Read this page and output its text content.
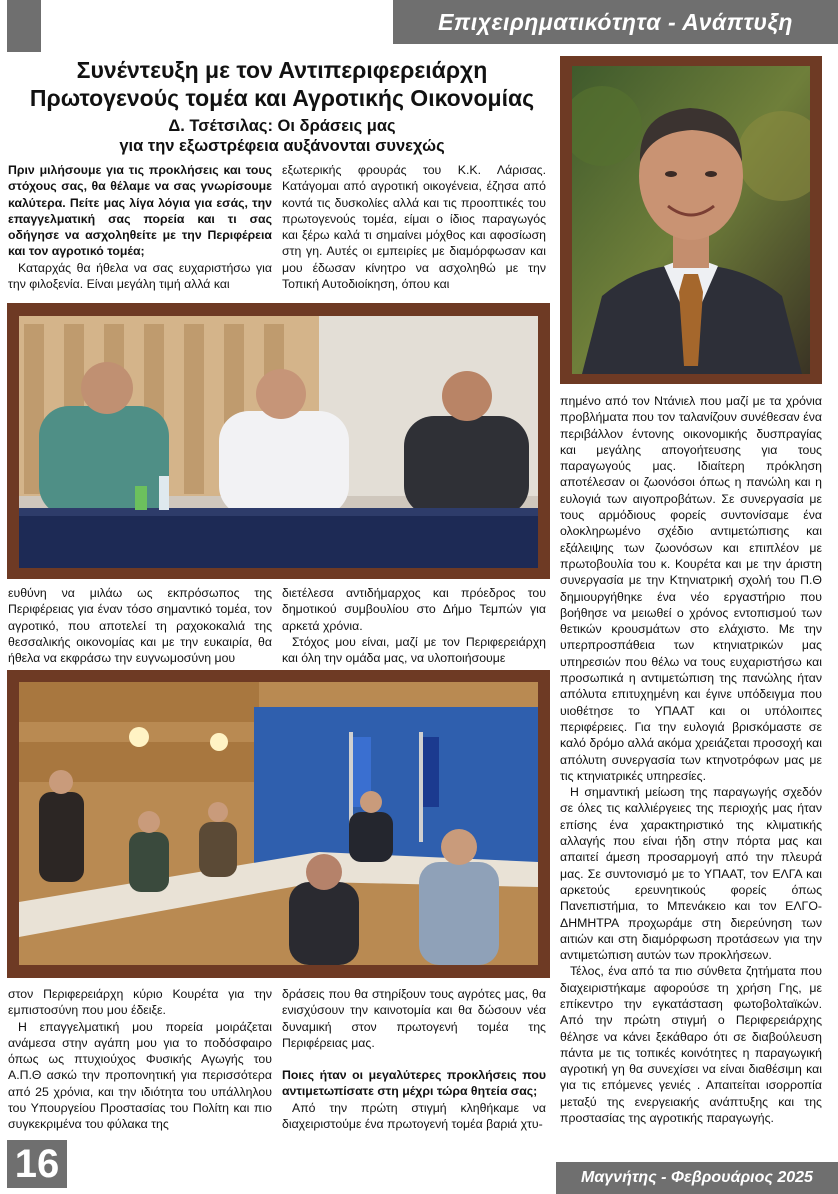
Επιχειρηματικότητα - Ανάπτυξη
Συνέντευξη με τον Αντιπεριφερειάρχη
Πρωτογενούς τομέα και Αγροτικής Οικονομίας
Δ. Τσέτσιλας: Οι δράσεις μας
για την εξωστρέφεια αυξάνονται συνεχώς

Πριν μιλήσουμε για τις προκλήσεις και τους στόχους σας, θα θέλαμε να σας γνωρίσουμε καλύτερα. Πείτε μας λίγα λόγια για εσάς, την επαγγελματική σας πορεία και τι σας οδήγησε να ασχοληθείτε με την Περιφέρεια και τον αγροτικό τομέα;

Καταρχάς θα ήθελα να σας ευχαριστήσω για την φιλοξενία. Είναι μεγάλη τιμή αλλά και

εξωτερικής φρουράς του Κ.Κ. Λάρισας. Κατάγομαι από αγροτική οικογένεια, έζησα από κοντά τις δυσκολίες αλλά και τις προοπτικές του πρωτογενούς τομέα, είμαι ο ίδιος παραγωγός και ξέρω καλά τι σημαίνει μόχθος και αφοσίωση στη γη. Αυτές οι εμπειρίες με διαμόρφωσαν και μου έδωσαν κίνητρο να ασχοληθώ με την Τοπική Αυτοδιοίκηση, όπου και

ευθύνη να μιλάω ως εκπρόσωπος της Περιφέρειας για έναν τόσο σημαντικό τομέα, τον αγροτικό, που αποτελεί τη ραχοκοκαλιά της θεσσαλικής οικονομίας και με την ευκαιρία, θα ήθελα να εκφράσω την ευγνωμοσύνη μου

διετέλεσα αντιδήμαρχος και πρόεδρος του δημοτικού συμβουλίου στο Δήμο Τεμπών για αρκετά χρόνια.

Στόχος μου είναι, μαζί με τον Περιφερειάρχη και όλη την ομάδα μας, να υλοποιήσουμε

στον Περιφερειάρχη κύριο Κουρέτα για την εμπιστοσύνη που μου έδειξε.

Η επαγγελματική μου πορεία μοιράζεται ανάμεσα στην αγάπη μου για το ποδόσφαιρο όπως ως πτυχιούχος Φυσικής Αγωγής του Α.Π.Θ ασκώ την προπονητική για περισσότερα από 25 χρόνια, και την ιδιότητα του υπάλληλου του Υπουργείου Προστασίας του Πολίτη και πιο συγκεκριμένα του φύλακα της

δράσεις που θα στηρίξουν τους αγρότες μας, θα ενισχύσουν την καινοτομία και θα δώσουν νέα δυναμική στον πρωτογενή τομέα της Περιφέρειας μας.

Ποιες ήταν οι μεγαλύτερες προκλήσεις που αντιμετωπίσατε στη μέχρι τώρα θητεία σας;

Από την πρώτη στιγμή κληθήκαμε να διαχειριστούμε ένα πρωτογενή τομέα βαριά χτυ-

πημένο από τον Ντάνιελ που μαζί με τα χρόνια προβλήματα που τον ταλανίζουν συνέθεσαν ένα περιβάλλον έντονης οικονομικής δυσπραγίας και μεγάλης απογοήτευσης για τους παραγωγούς μας. Ιδιαίτερη πρόκληση αποτέλεσαν οι ζωονόσοι όπως η πανώλη και η ευλογιά των αιγοπροβάτων. Σε συνεργασία με τους αρμόδιους φορείς συντονίσαμε ένα ολοκληρωμένο σχέδιο αντιμετώπισης και εξάλειψης των ζωονόσων και επιπλέον με πρωτοβουλία του κ. Κουρέτα και με την άριστη συνεργασία με την Κτηνιατρική σχολή του Π.Θ δημιουργήθηκε ένα νέο εργαστήριο που βοήθησε να μειωθεί ο χρόνος εντοπισμού των θετικών κρουσμάτων στο ελάχιστο. Με την υπερπροσπάθεια των κτηνιατρικών μας υπηρεσιών που θέλω να τους ευχαριστήσω και προσωπικά η αντιμετώπιση της πανώλης ήταν απόλυτα επιτυχημένη και έγινε υπόδειγμα που υιοθέτησε το ΥΠΑΑΤ και οι υπόλοιπες περιφέρειες. Για την ευλογιά βρισκόμαστε σε καλό δρόμο αλλά ακόμα χρειάζεται προσοχή και απόλυτη συνεργασία των κτηνοτρόφων μας με τις κτηνιατρικές υπηρεσίες.

Η σημαντική μείωση της παραγωγής σχεδόν σε όλες τις καλλιέργειες της περιοχής μας ήταν επίσης ένα χαρακτηριστικό της κλιματικής αλλαγής που είναι ήδη στην πόρτα μας και απαιτεί άμεση προσαρμογή από την πλευρά μας. Σε συντονισμό με το ΥΠΑΑΤ, τον ΕΛΓΑ και αρκετούς ερευνητικούς φορείς όπως Πανεπιστήμια, το Μπενάκειο και τον ΕΛΓΟ-ΔΗΜΗΤΡΑ προχωράμε στη διερεύνηση των αιτιών και στη διαμόρφωση προτάσεων για την αντιμετώπιση αυτών των προκλήσεων.

Τέλος, ένα από τα πιο σύνθετα ζητήματα που διαχειριστήκαμε αφορούσε τη χρήση Γης, με επίκεντρο την εγκατάσταση φωτοβολταϊκών. Από την πρώτη στιγμή ο Περιφερειάρχης θέλησε να κάνει ξεκάθαρο ότι σε διαβούλευση πάντα με τις τοπικές κοινότητες η παραγωγική αγροτική γη θα συνεχίσει να είναι διαθέσιμη και για τις επόμενες γενιές . Απαιτείται ισορροπία μεταξύ της ενεργειακής ανάπτυξης και της προστασίας της αγροτικής παραγωγής.

16	Μαγνήτης - Φεβρουάριος 2025
